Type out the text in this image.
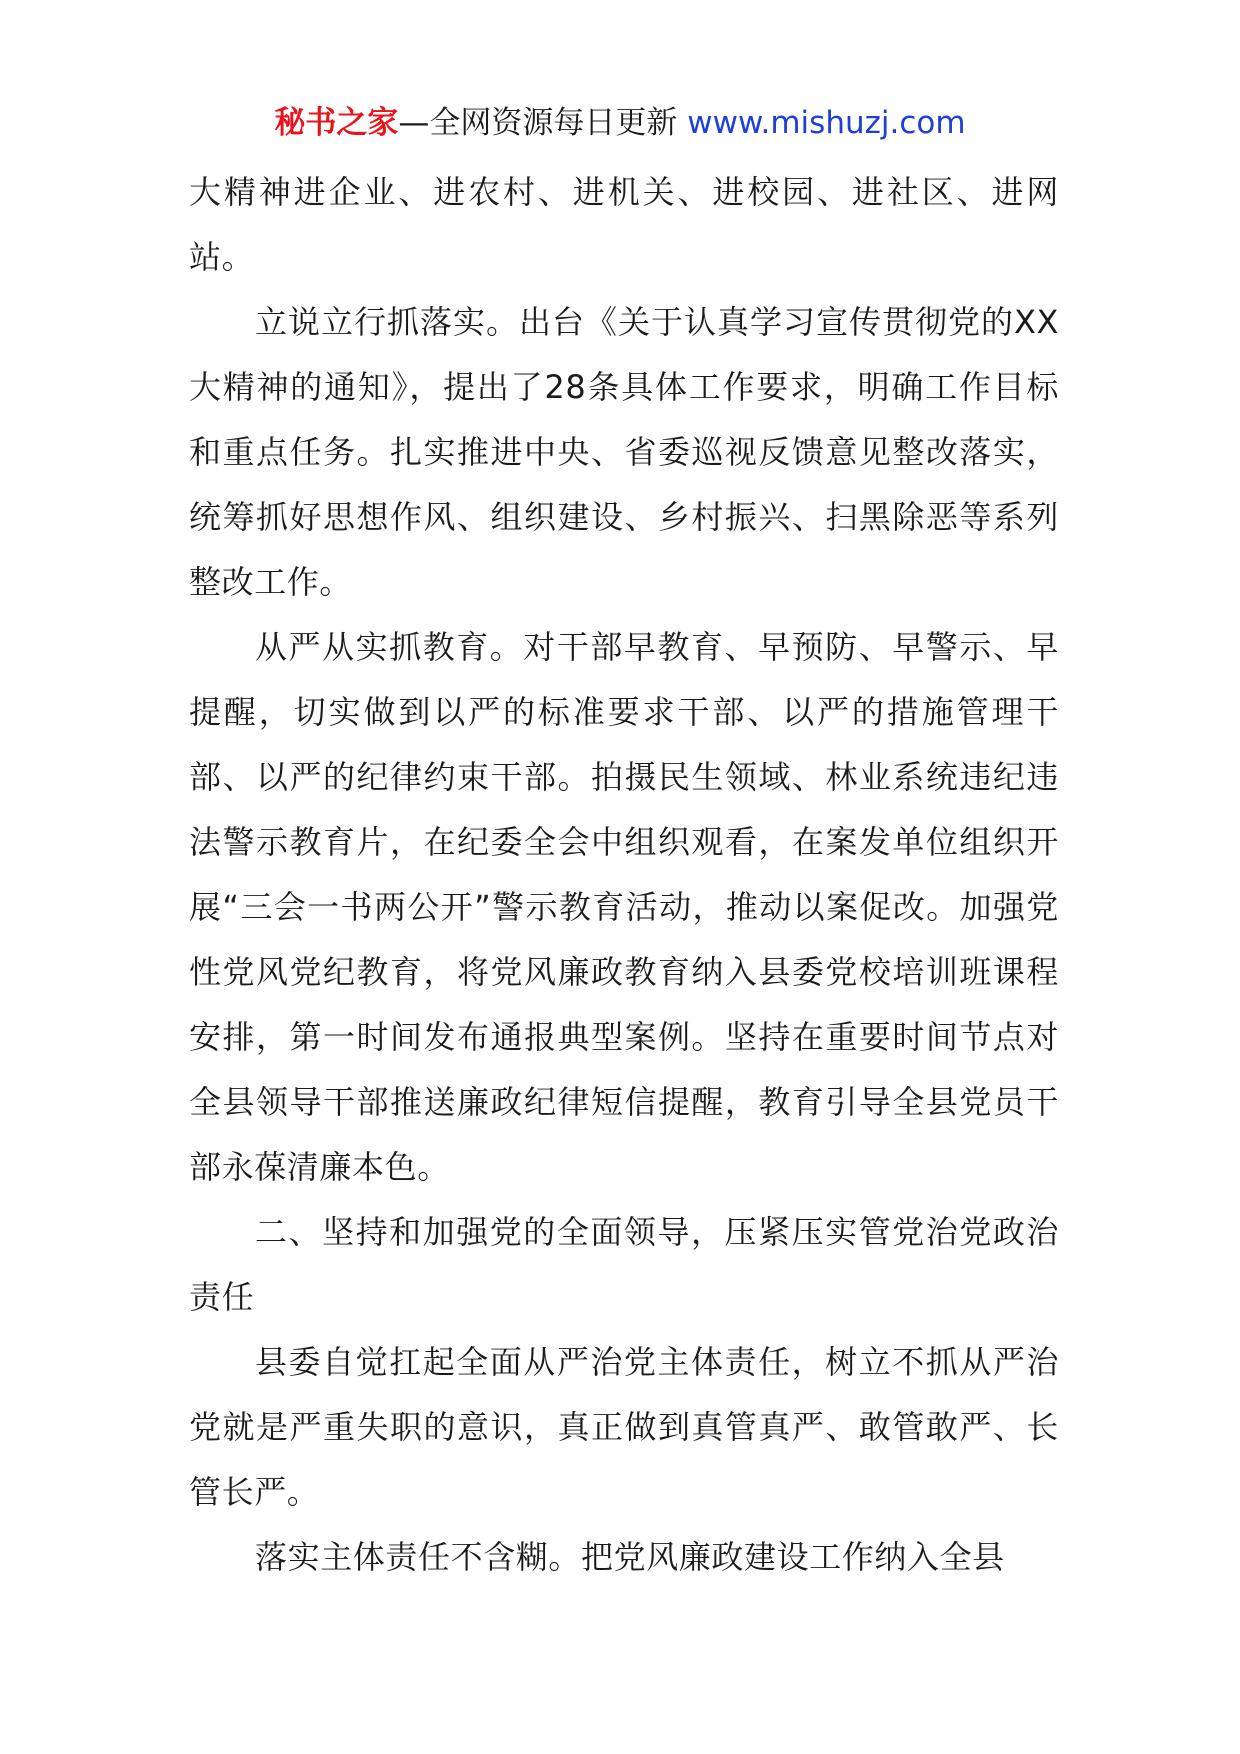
秘书之家—全网资源每日更新 www.mishuzj.com

大精神进企业、进农村、进机关、进校园、进社区、进网站。

立说立行抓落实。出台《关于认真学习宣传贯彻党的XX大精神的通知》，提出了28条具体工作要求，明确工作目标和重点任务。扎实推进中央、省委巡视反馈意见整改落实，统筹抓好思想作风、组织建设、乡村振兴、扫黑除恶等系列整改工作。

从严从实抓教育。对干部早教育、早预防、早警示、早提醒，切实做到以严的标准要求干部、以严的措施管理干部、以严的纪律约束干部。拍摄民生领域、林业系统违纪违法警示教育片，在纪委全会中组织观看，在案发单位组织开展“三会一书两公开”警示教育活动，推动以案促改。加强党性党风党纪教育，将党风廉政教育纳入县委党校培训班课程安排，第一时间发布通报典型案例。坚持在重要时间节点对全县领导干部推送廉政纪律短信提醒，教育引导全县党员干部永葆清廉本色。

二、坚持和加强党的全面领导，压紧压实管党治党政治责任

县委自觉扛起全面从严治党主体责任，树立不抓从严治党就是严重失职的意识，真正做到真管真严、敢管敢严、长管长严。

落实主体责任不含糊。把党风廉政建设工作纳入全县
